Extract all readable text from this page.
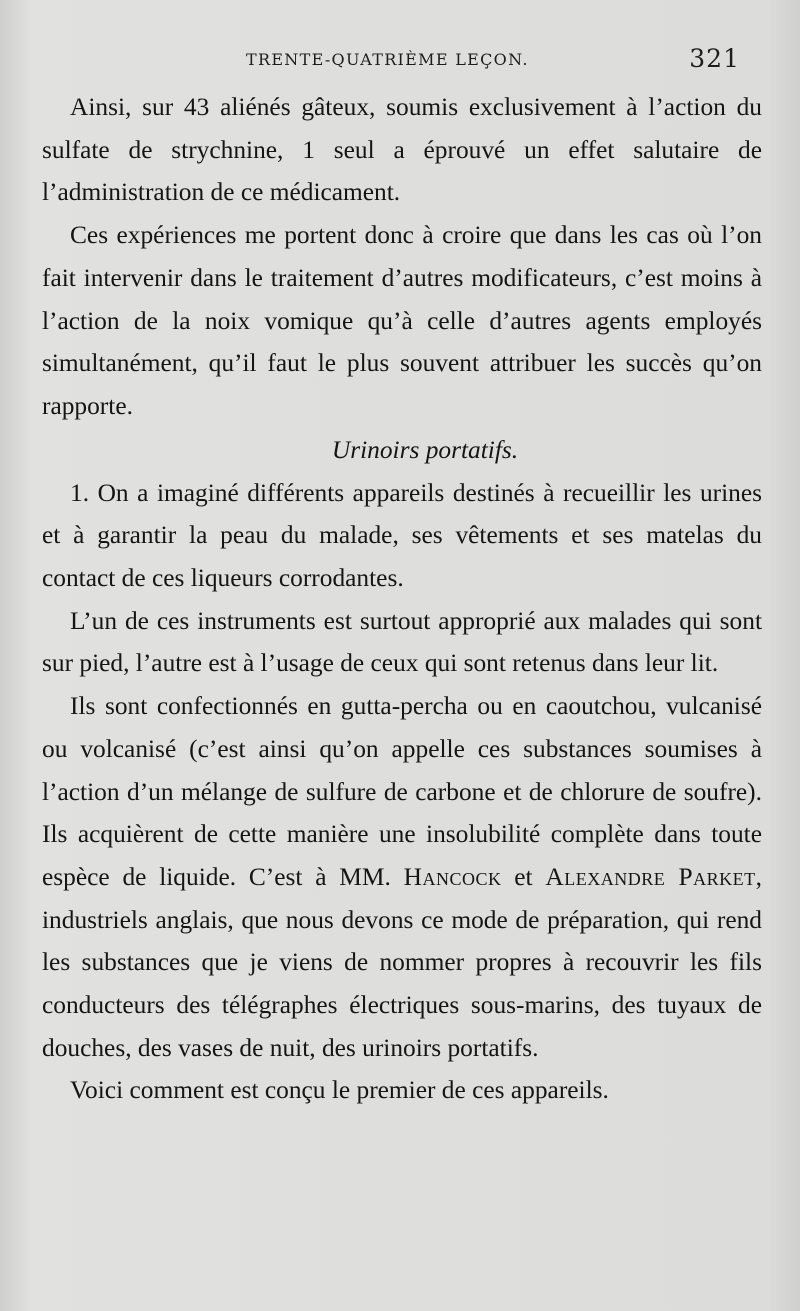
TRENTE-QUATRIÈME LEÇON.	321

Ainsi, sur 43 aliénés gâteux, soumis exclusivement à l’action du sulfate de strychnine, 1 seul a éprouvé un effet salutaire de l’administration de ce médicament.

Ces expériences me portent donc à croire que dans les cas où l’on fait intervenir dans le traitement d’autres modificateurs, c’est moins à l’action de la noix vomique qu’à celle d’autres agents employés simultanément, qu’il faut le plus souvent attribuer les succès qu’on rapporte.

Urinoirs portatifs.

1. On a imaginé différents appareils destinés à recueillir les urines et à garantir la peau du malade, ses vêtements et ses matelas du contact de ces liqueurs corrodantes.

L’un de ces instruments est surtout approprié aux malades qui sont sur pied, l’autre est à l’usage de ceux qui sont retenus dans leur lit.

Ils sont confectionnés en gutta-percha ou en caoutchou, vulcanisé ou volcanisé (c’est ainsi qu’on appelle ces substances soumises à l’action d’un mélange de sulfure de carbone et de chlorure de soufre). Ils acquièrent de cette manière une insolubilité complète dans toute espèce de liquide. C’est à MM. Hancock et Alexandre Parket, industriels anglais, que nous devons ce mode de préparation, qui rend les substances que je viens de nommer propres à recouvrir les fils conducteurs des télégraphes électriques sous-marins, des tuyaux de douches, des vases de nuit, des urinoirs portatifs.

Voici comment est conçu le premier de ces appareils.
